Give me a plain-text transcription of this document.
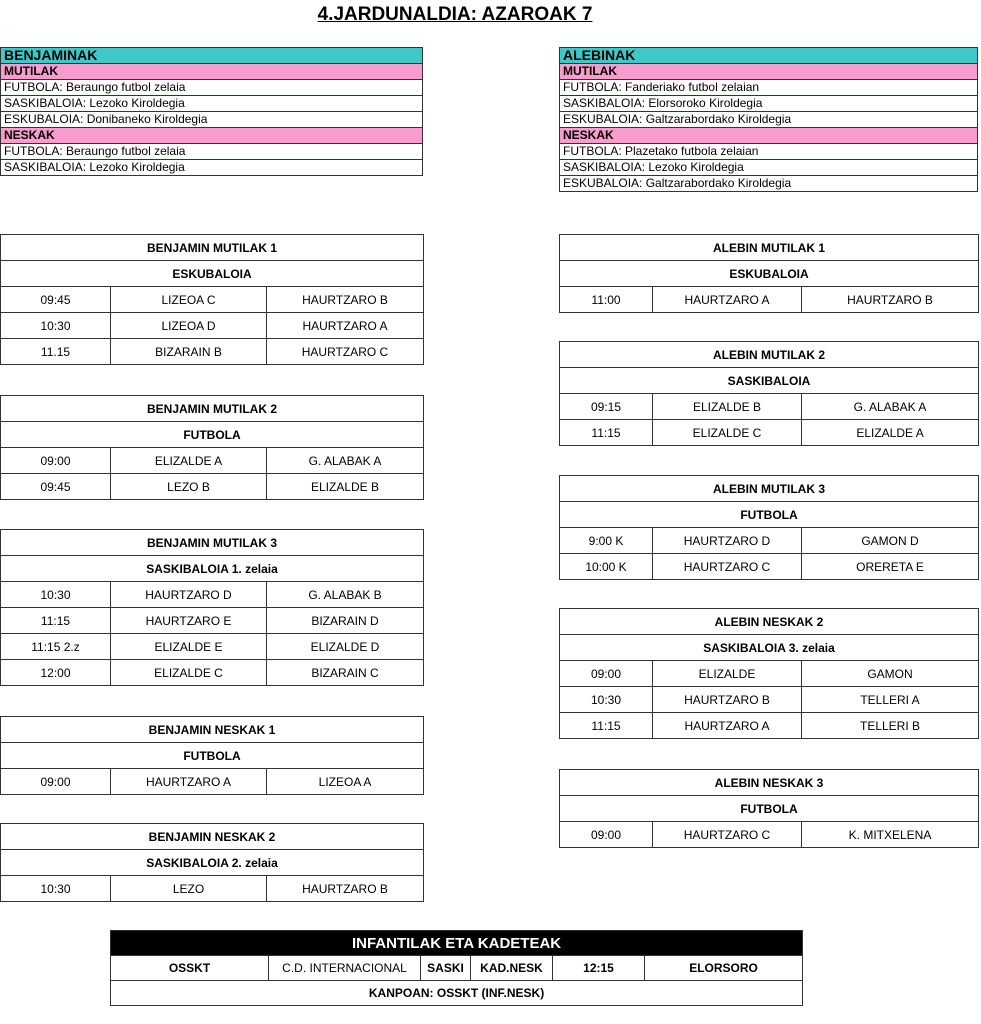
4.JARDUNALDIA: AZAROAK 7
BENJAMINAK
MUTILAK
FUTBOLA: Beraungo futbol zelaia
SASKIBALOIA: Lezoko Kiroldegia
ESKUBALOIA: Donibaneko Kiroldegia
NESKAK
FUTBOLA: Beraungo futbol zelaia
SASKIBALOIA: Lezoko Kiroldegia
ALEBINAK
MUTILAK
FUTBOLA: Fanderiako futbol zelaian
SASKIBALOIA: Elorsoroko Kiroldegia
ESKUBALOIA: Galtzarabordako Kiroldegia
NESKAK
FUTBOLA: Plazetako futbola zelaian
SASKIBALOIA: Lezoko Kiroldegia
ESKUBALOIA: Galtzarabordako Kiroldegia
BENJAMIN MUTILAK 1		
ESKUBALOIA		
09:45	LIZEOA C	HAURTZARO B
10:30	LIZEOA D	HAURTZARO A
11.15	BIZARAIN B	HAURTZARO C
BENJAMIN MUTILAK 2		
FUTBOLA		
09:00	ELIZALDE A	G. ALABAK A
09:45	LEZO B	ELIZALDE B
BENJAMIN MUTILAK 3		
SASKIBALOIA 1. zelaia		
10:30	HAURTZARO D	G. ALABAK B
11:15	HAURTZARO E	BIZARAIN D
11:15 2.z	ELIZALDE E	ELIZALDE D
12:00	ELIZALDE C	BIZARAIN C
BENJAMIN NESKAK 1
FUTBOLA
09:00	HAURTZARO A	LIZEOA A
BENJAMIN NESKAK 2
SASKIBALOIA 2. zelaia
10:30	LEZO	HAURTZARO B
ALEBIN MUTILAK 1
ESKUBALOIA
11:00	HAURTZARO A	HAURTZARO B
ALEBIN MUTILAK 2		
SASKIBALOIA		
09:15	ELIZALDE B	G. ALABAK A
11:15	ELIZALDE C	ELIZALDE A
ALEBIN MUTILAK 3		
FUTBOLA		
9:00 K	HAURTZARO D	GAMON D
10:00 K	HAURTZARO C	ORERETA E
ALEBIN NESKAK 2		
SASKIBALOIA 3. zelaia		
09:00	ELIZALDE	GAMON
10:30	HAURTZARO B	TELLERI A
11:15	HAURTZARO A	TELLERI B
ALEBIN NESKAK 3
FUTBOLA
09:00	HAURTZARO C	K. MITXELENA
INFANTILAK ETA KADETEAK
OSSKT	C.D. INTERNACIONAL	SASKI	KAD.NESK	12:15	ELORSORO
KANPOAN: OSSKT (INF.NESK)
